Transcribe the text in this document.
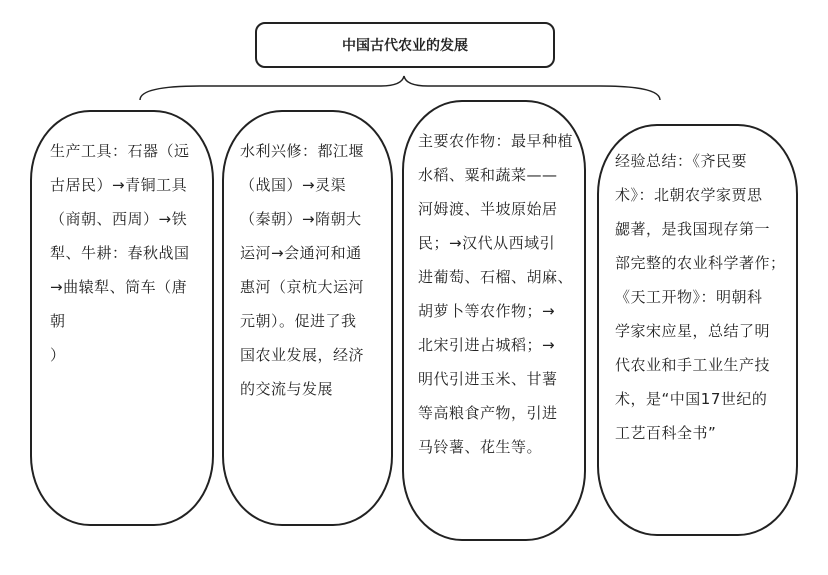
中国古代农业的发展
生产工具：石器（远
古居民）→青铜工具
（商朝、西周）→铁
犁、牛耕：春秋战国
→曲辕犁、筒车（唐
朝
）
水利兴修：都江堰
（战国）→灵渠
（秦朝）→隋朝大
运河→会通河和通
惠河（京杭大运河
元朝）。促进了我
国农业发展，经济
的交流与发展
主要农作物：最早种植
水稻、粟和蔬菜——
河姆渡、半坡原始居
民；→汉代从西域引
进葡萄、石榴、胡麻、
胡萝卜等农作物；→
北宋引进占城稻；→
明代引进玉米、甘薯
等高粮食产物，引进
马铃薯、花生等。
经验总结：《齐民要
术》：北朝农学家贾思
勰著，是我国现存第一
部完整的农业科学著作；
《天工开物》：明朝科
学家宋应星，总结了明
代农业和手工业生产技
术，是“中国17世纪的
工艺百科全书”
